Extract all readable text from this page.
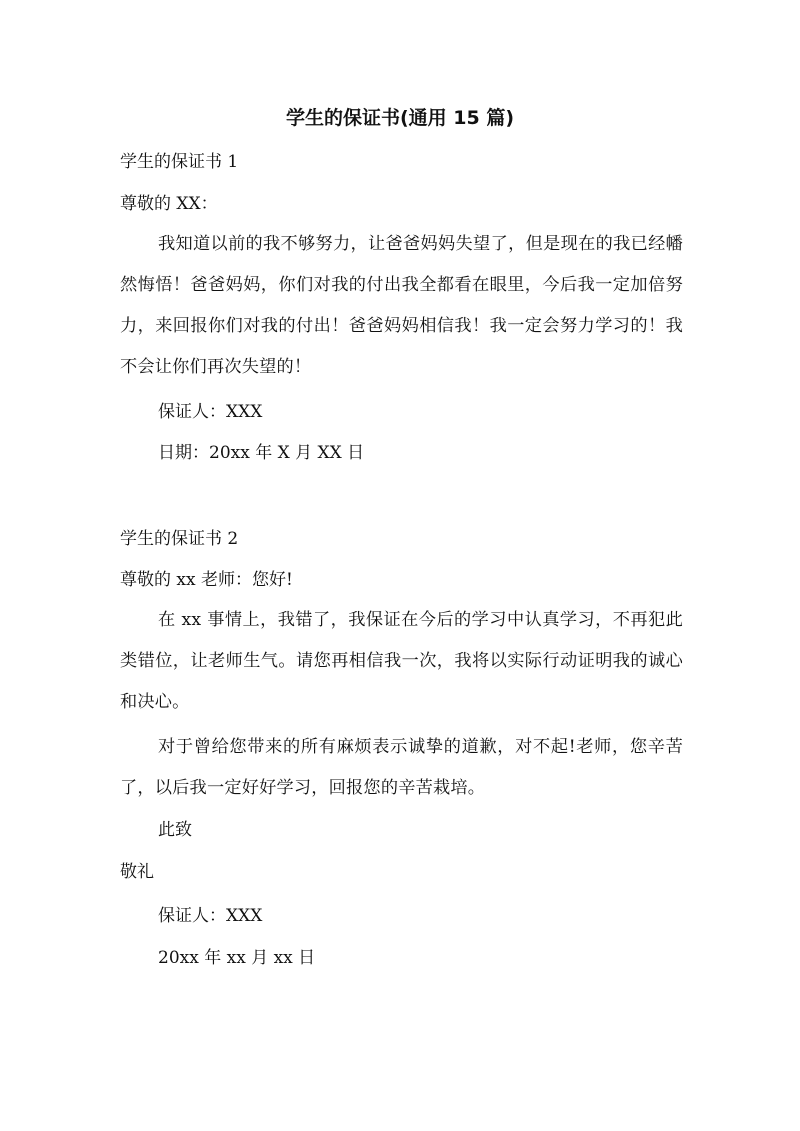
学生的保证书(通用 15 篇)
学生的保证书 1
尊敬的 XX：
我知道以前的我不够努力，让爸爸妈妈失望了，但是现在的我已经幡然悔悟！爸爸妈妈，你们对我的付出我全都看在眼里，今后我一定加倍努力，来回报你们对我的付出！爸爸妈妈相信我！我一定会努力学习的！我不会让你们再次失望的！
保证人：XXX
日期：20xx 年 X 月 XX 日
学生的保证书 2
尊敬的 xx 老师：您好!
在 xx 事情上，我错了，我保证在今后的学习中认真学习，不再犯此类错位，让老师生气。请您再相信我一次，我将以实际行动证明我的诚心和决心。
对于曾给您带来的所有麻烦表示诚挚的道歉，对不起!老师，您辛苦了，以后我一定好好学习，回报您的辛苦栽培。
此致
敬礼
保证人：XXX
20xx 年 xx 月 xx 日
